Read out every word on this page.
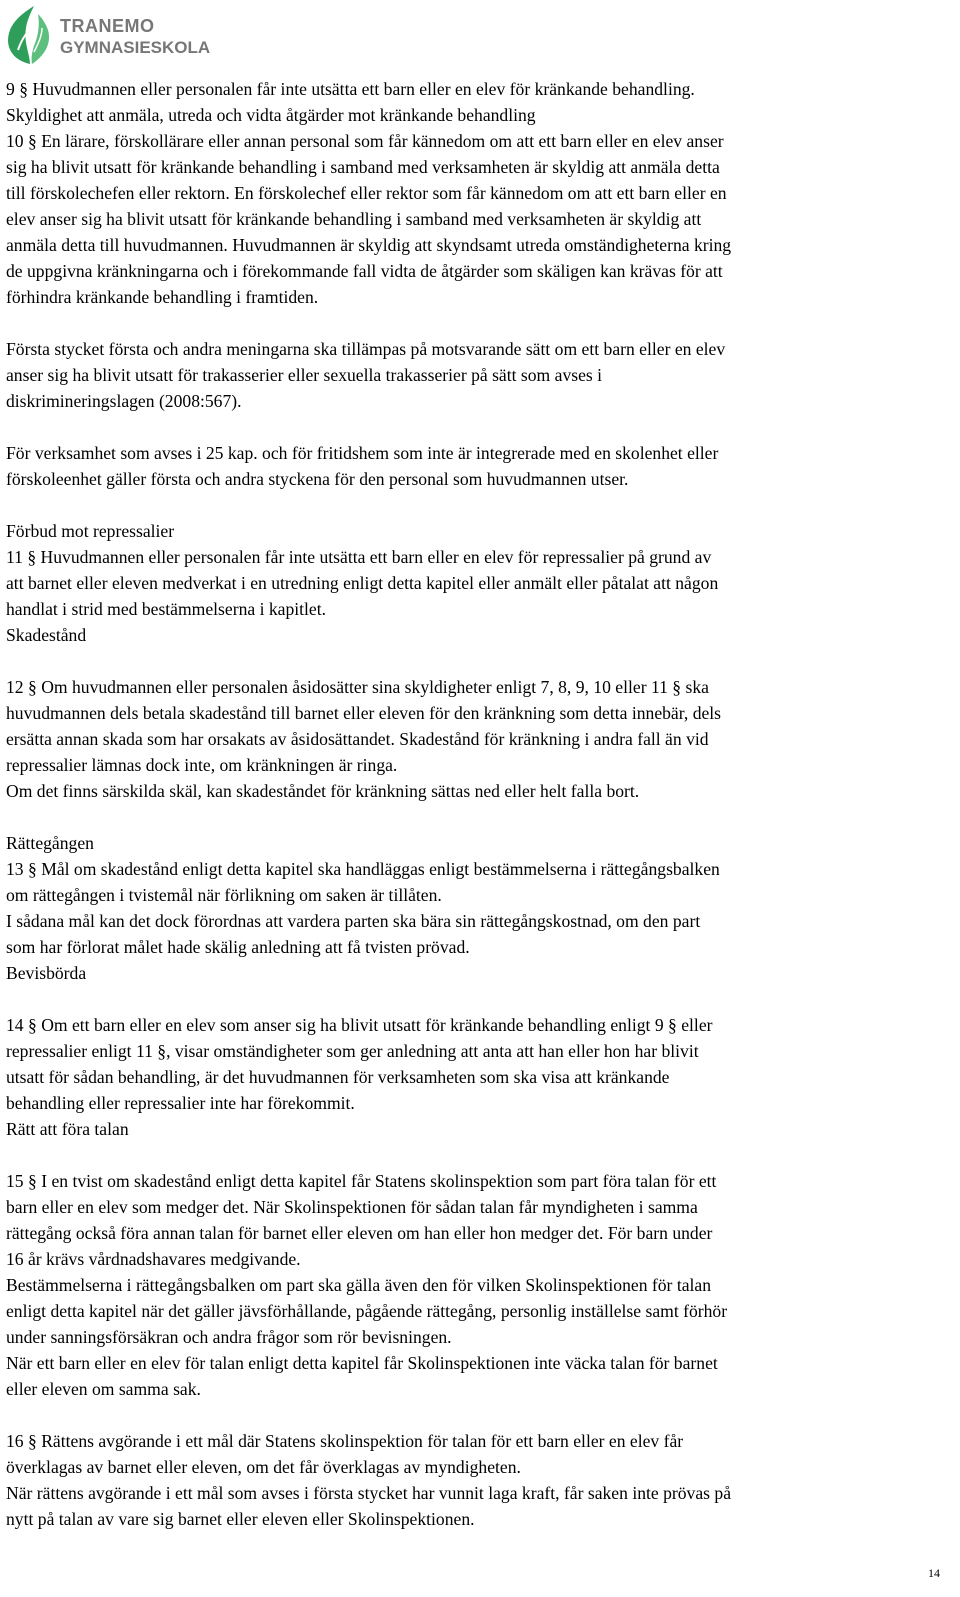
TRANEMO
GYMNASIESKOLA
9 § Huvudmannen eller personalen får inte utsätta ett barn eller en elev för kränkande behandling.
Skyldighet att anmäla, utreda och vidta åtgärder mot kränkande behandling
10 § En lärare, förskollärare eller annan personal som får kännedom om att ett barn eller en elev anser
sig ha blivit utsatt för kränkande behandling i samband med verksamheten är skyldig att anmäla detta
till förskolechefen eller rektorn. En förskolechef eller rektor som får kännedom om att ett barn eller en
elev anser sig ha blivit utsatt för kränkande behandling i samband med verksamheten är skyldig att
anmäla detta till huvudmannen. Huvudmannen är skyldig att skyndsamt utreda omständigheterna kring
de uppgivna kränkningarna och i förekommande fall vidta de åtgärder som skäligen kan krävas för att
förhindra kränkande behandling i framtiden.
Första stycket första och andra meningarna ska tillämpas på motsvarande sätt om ett barn eller en elev
anser sig ha blivit utsatt för trakasserier eller sexuella trakasserier på sätt som avses i
diskrimineringslagen (2008:567).
För verksamhet som avses i 25 kap. och för fritidshem som inte är integrerade med en skolenhet eller
förskoleenhet gäller första och andra styckena för den personal som huvudmannen utser.
Förbud mot repressalier
11 § Huvudmannen eller personalen får inte utsätta ett barn eller en elev för repressalier på grund av
att barnet eller eleven medverkat i en utredning enligt detta kapitel eller anmält eller påtalat att någon
handlat i strid med bestämmelserna i kapitlet.
Skadestånd
12 § Om huvudmannen eller personalen åsidosätter sina skyldigheter enligt 7, 8, 9, 10 eller 11 § ska
huvudmannen dels betala skadestånd till barnet eller eleven för den kränkning som detta innebär, dels
ersätta annan skada som har orsakats av åsidosättandet. Skadestånd för kränkning i andra fall än vid
repressalier lämnas dock inte, om kränkningen är ringa.
Om det finns särskilda skäl, kan skadeståndet för kränkning sättas ned eller helt falla bort.
Rättegången
13 § Mål om skadestånd enligt detta kapitel ska handläggas enligt bestämmelserna i rättegångsbalken
om rättegången i tvistemål när förlikning om saken är tillåten.
I sådana mål kan det dock förordnas att vardera parten ska bära sin rättegångskostnad, om den part
som har förlorat målet hade skälig anledning att få tvisten prövad.
Bevisbörda
14 § Om ett barn eller en elev som anser sig ha blivit utsatt för kränkande behandling enligt 9 § eller
repressalier enligt 11 §, visar omständigheter som ger anledning att anta att han eller hon har blivit
utsatt för sådan behandling, är det huvudmannen för verksamheten som ska visa att kränkande
behandling eller repressalier inte har förekommit.
Rätt att föra talan
15 § I en tvist om skadestånd enligt detta kapitel får Statens skolinspektion som part föra talan för ett
barn eller en elev som medger det. När Skolinspektionen för sådan talan får myndigheten i samma
rättegång också föra annan talan för barnet eller eleven om han eller hon medger det. För barn under
16 år krävs vårdnadshavares medgivande.
Bestämmelserna i rättegångsbalken om part ska gälla även den för vilken Skolinspektionen för talan
enligt detta kapitel när det gäller jävsförhållande, pågående rättegång, personlig inställelse samt förhör
under sanningsförsäkran och andra frågor som rör bevisningen.
När ett barn eller en elev för talan enligt detta kapitel får Skolinspektionen inte väcka talan för barnet
eller eleven om samma sak.
16 § Rättens avgörande i ett mål där Statens skolinspektion för talan för ett barn eller en elev får
överklagas av barnet eller eleven, om det får överklagas av myndigheten.
När rättens avgörande i ett mål som avses i första stycket har vunnit laga kraft, får saken inte prövas på
nytt på talan av vare sig barnet eller eleven eller Skolinspektionen.
14
